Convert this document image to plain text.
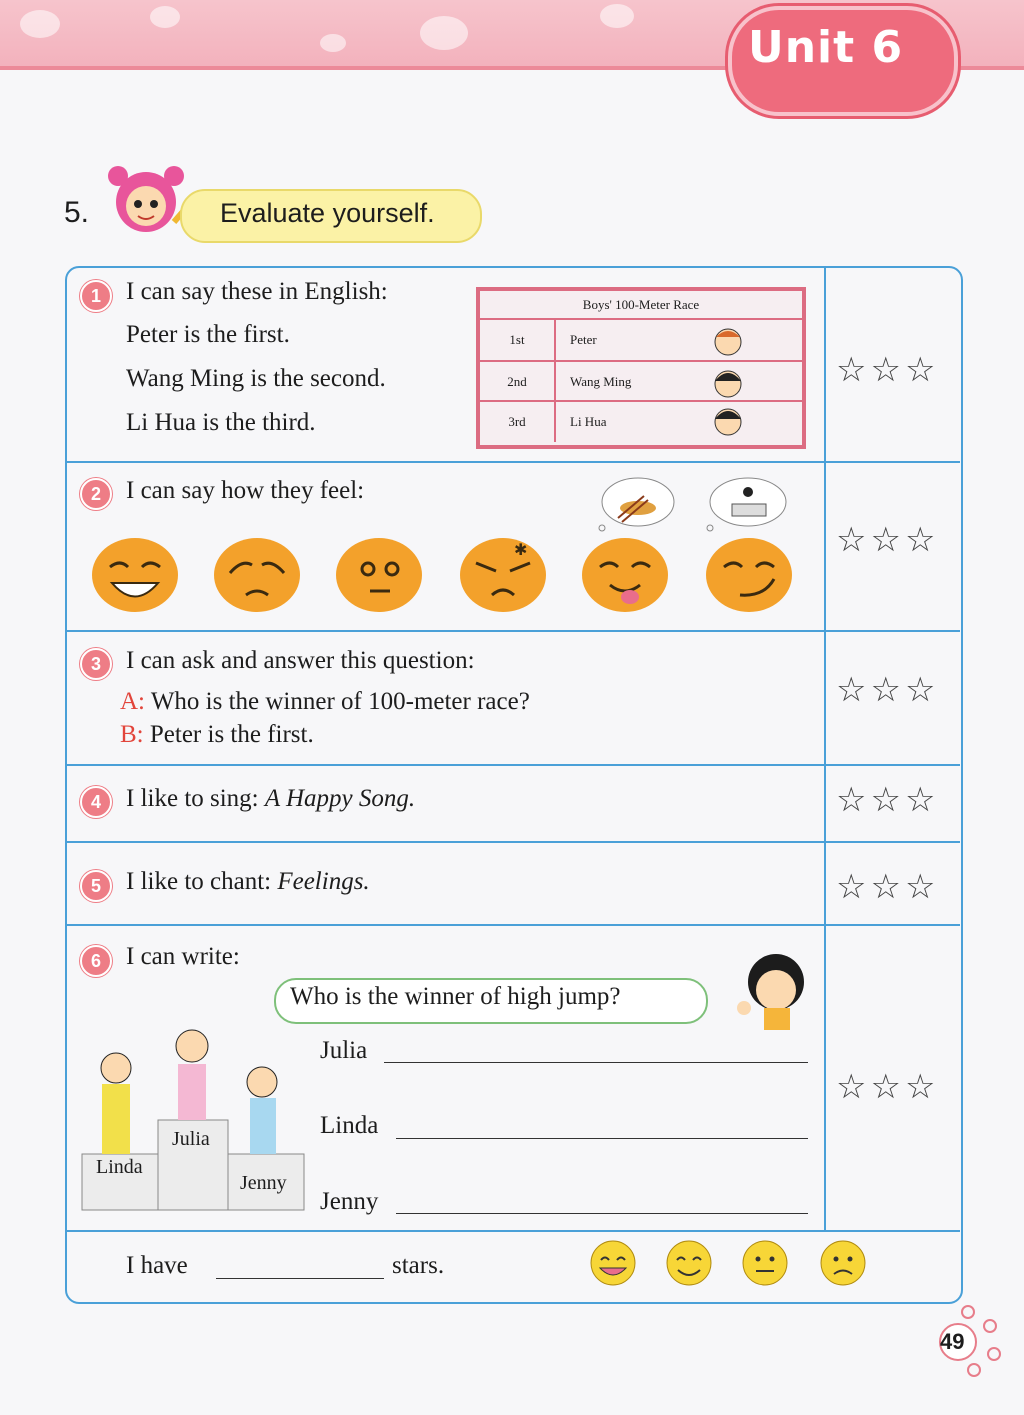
Unit 6
5.	Evaluate yourself.
1	I can say these in English:
Peter is the first.
Wang Ming is the second.
Li Hua is the third.
Boys' 100-Meter Race
1st	Peter
2nd	Wang Ming
3rd	Li Hua
☆☆☆
2	I can say how they feel:
✱	☆☆☆
3	I can ask and answer this question:
A: Who is the winner of 100-meter race?
B: Peter is the first.
☆☆☆
4	I like to sing: A Happy Song.	☆☆☆
5	I like to chant: Feelings.	☆☆☆
6	I can write:
Who is the winner of high jump?
Julia
Linda
Jenny
Julia
Linda
Jenny
☆☆☆
I have	stars.
49
